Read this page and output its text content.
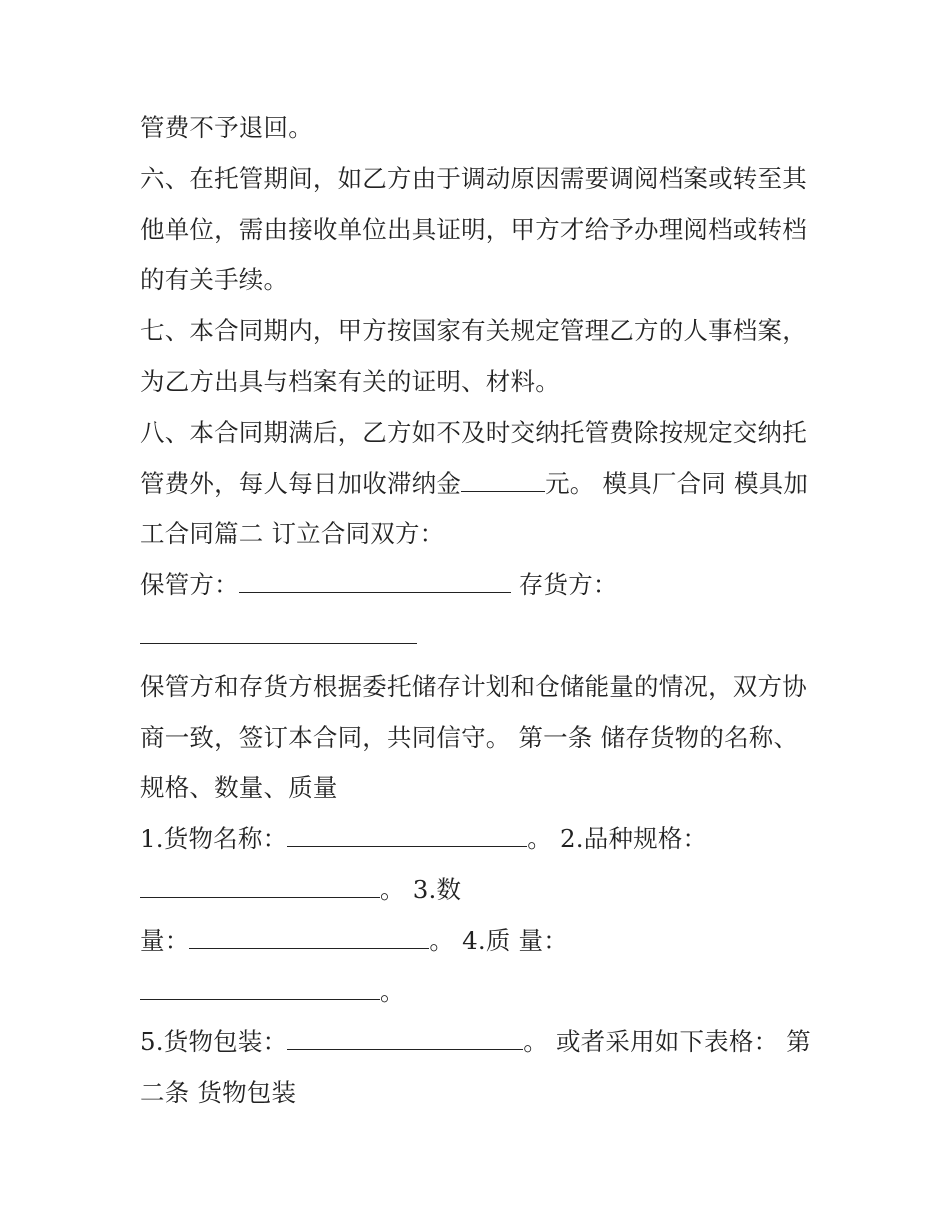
管费不予退回。
六、在托管期间，如乙方由于调动原因需要调阅档案或转至其
他单位，需由接收单位出具证明，甲方才给予办理阅档或转档
的有关手续。
七、本合同期内，甲方按国家有关规定管理乙方的人事档案，
为乙方出具与档案有关的证明、材料。
八、本合同期满后，乙方如不及时交纳托管费除按规定交纳托
管费外，每人每日加收滞纳金	元。 模具厂合同 模具加
工合同篇二 订立合同双方：
保管方：	存货方：
保管方和存货方根据委托储存计划和仓储能量的情况，双方协
商一致，签订本合同，共同信守。 第一条 储存货物的名称、
规格、数量、质量
1.货物名称：	。 2.品种规格：
。 3.数
量：	。 4.质 量：
。
5.货物包装：	。 或者采用如下表格： 第
二条 货物包装
